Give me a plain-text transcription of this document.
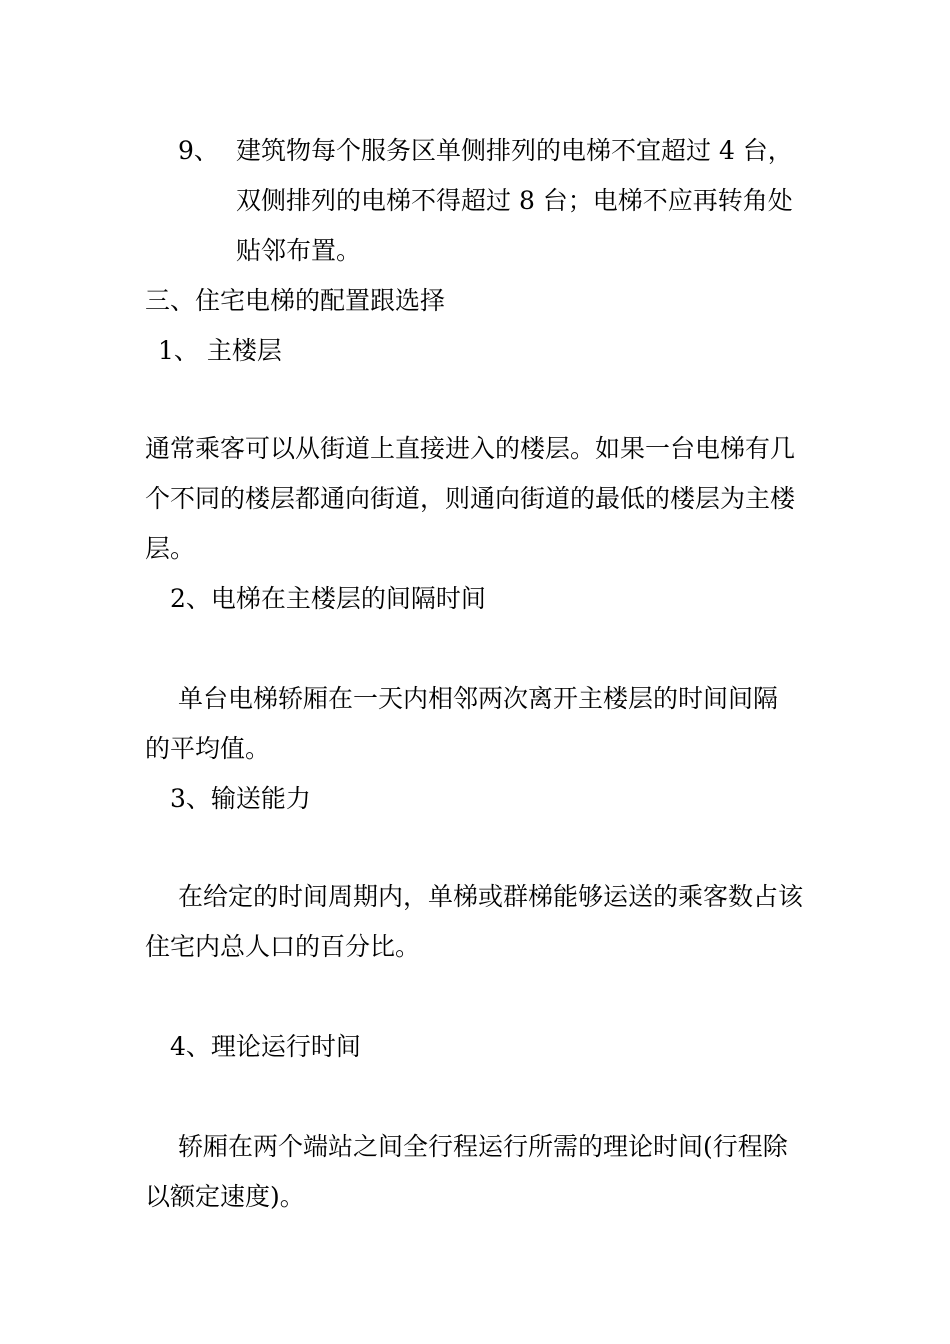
9、 建筑物每个服务区单侧排列的电梯不宜超过 4 台，
双侧排列的电梯不得超过 8 台；电梯不应再转角处
贴邻布置。
三、住宅电梯的配置跟选择
1、 主楼层
通常乘客可以从街道上直接进入的楼层。如果一台电梯有几
个不同的楼层都通向街道，则通向街道的最低的楼层为主楼
层。
2、电梯在主楼层的间隔时间
单台电梯轿厢在一天内相邻两次离开主楼层的时间间隔
的平均值。
3、输送能力
在给定的时间周期内，单梯或群梯能够运送的乘客数占该
住宅内总人口的百分比。
4、理论运行时间
轿厢在两个端站之间全行程运行所需的理论时间(行程除
以额定速度)。
